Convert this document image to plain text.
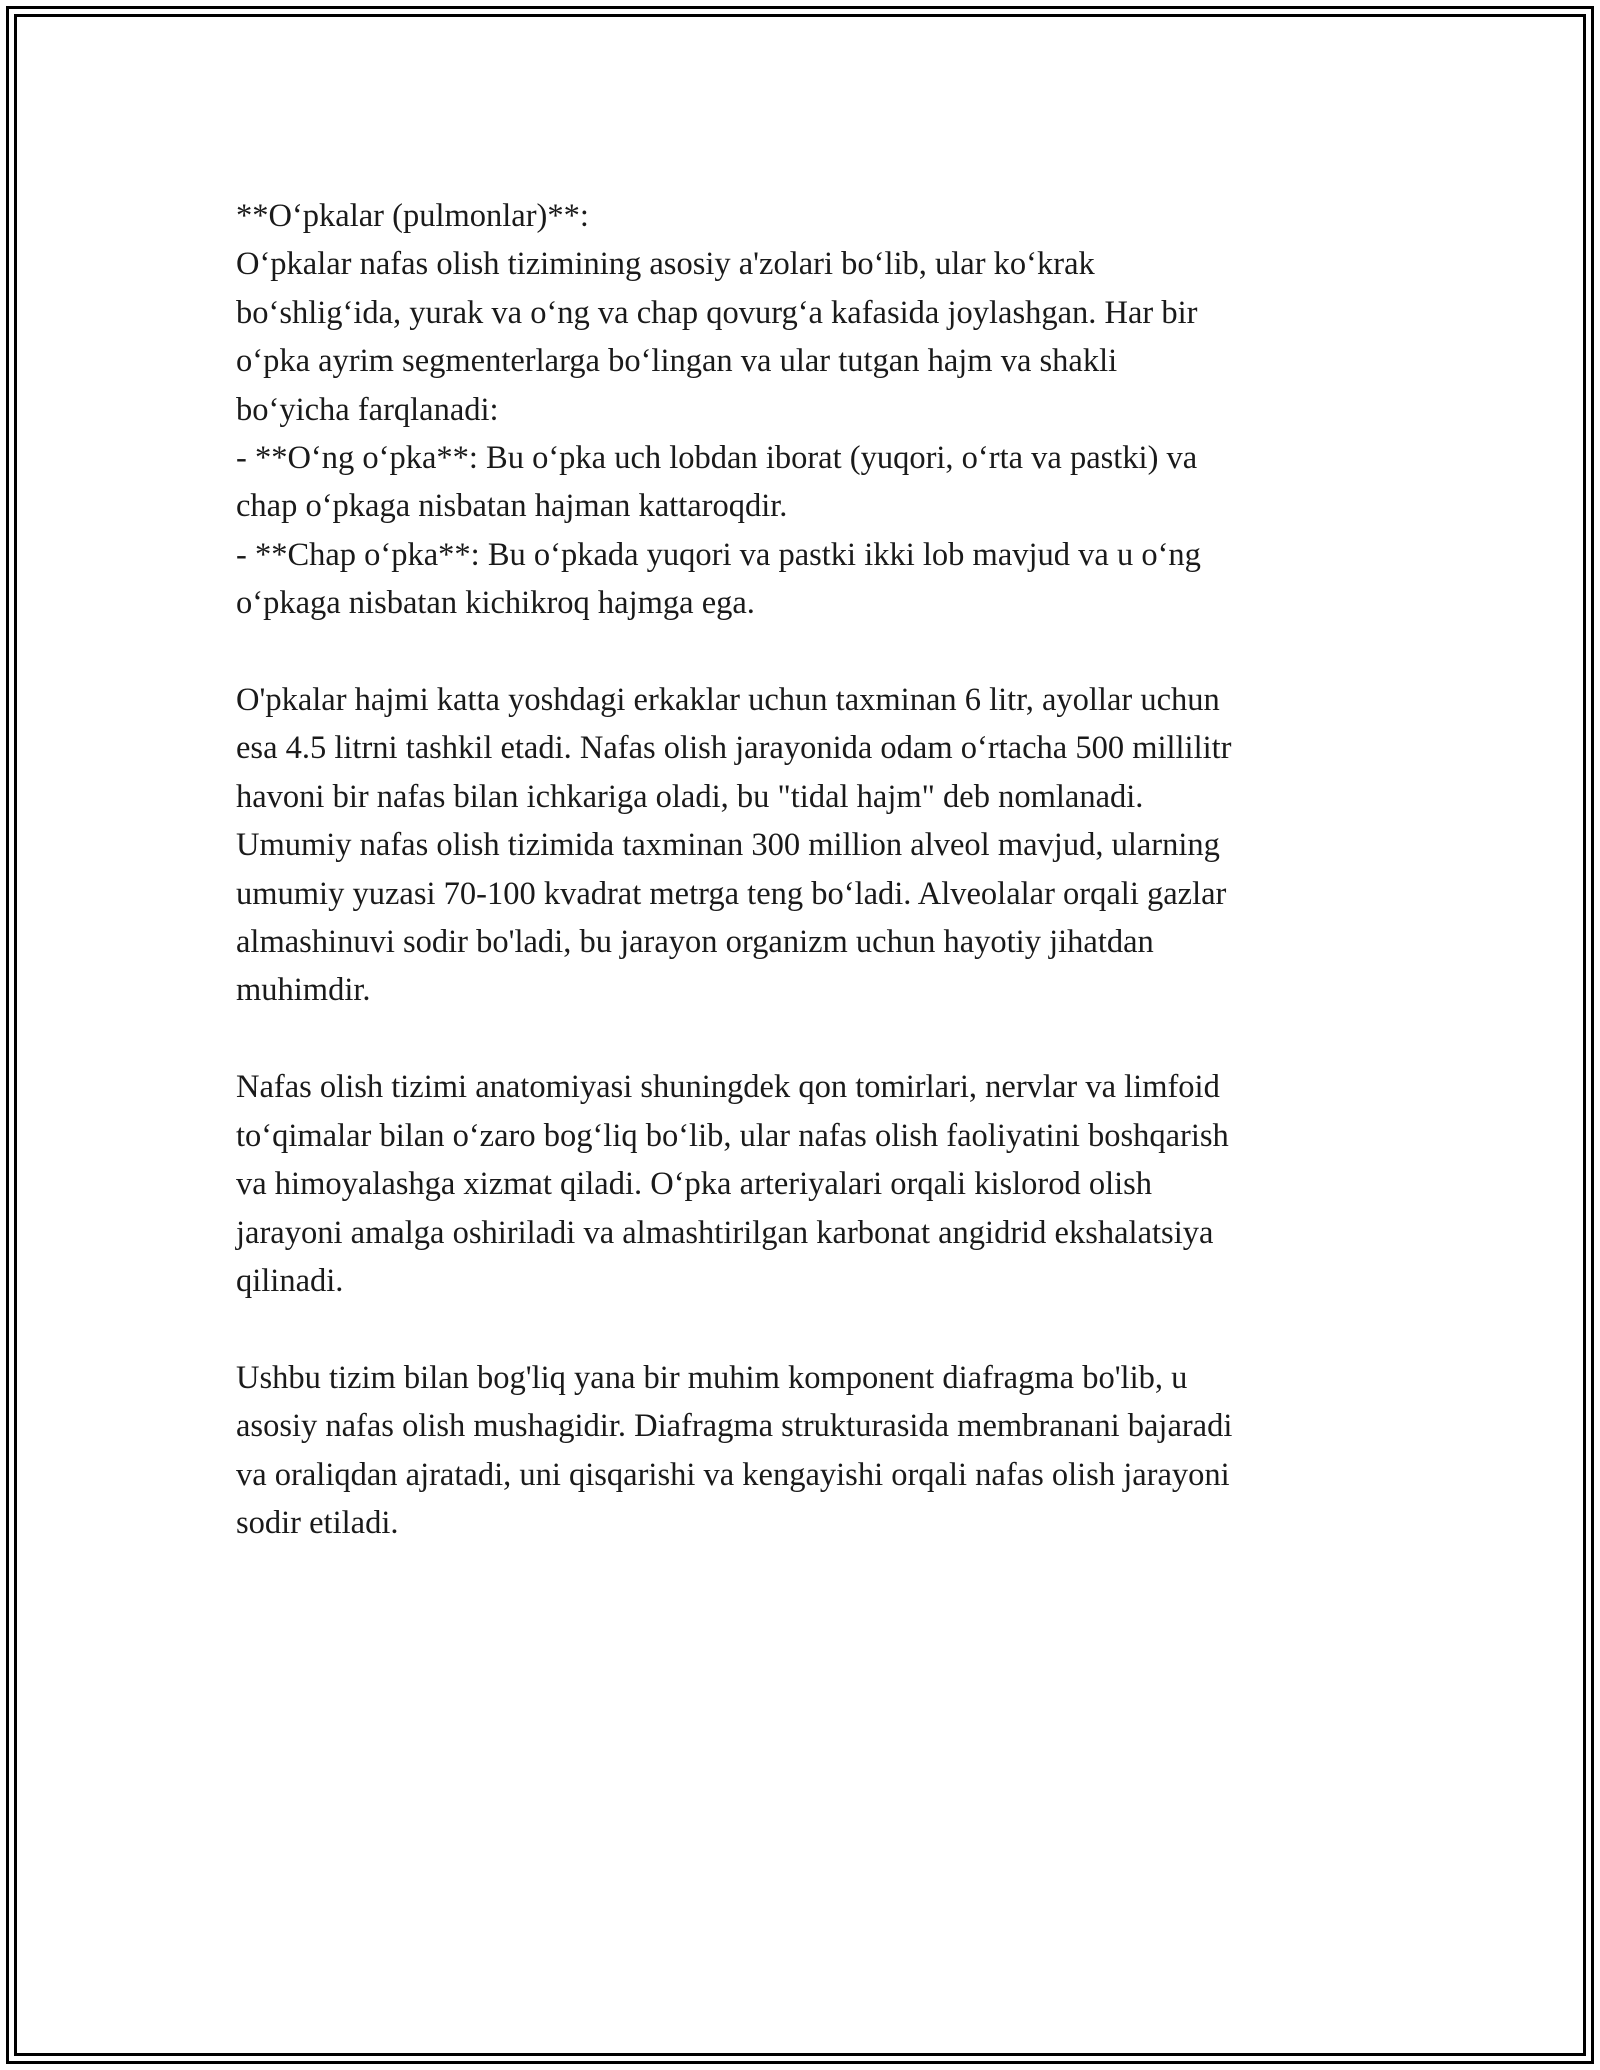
**O‘pkalar (pulmonlar)**:
O‘pkalar nafas olish tizimining asosiy a'zolari bo‘lib, ular ko‘krak
bo‘shlig‘ida, yurak va o‘ng va chap qovurg‘a kafasida joylashgan. Har bir
o‘pka ayrim segmenterlarga bo‘lingan va ular tutgan hajm va shakli
bo‘yicha farqlanadi:
- **O‘ng o‘pka**: Bu o‘pka uch lobdan iborat (yuqori, o‘rta va pastki) va
chap o‘pkaga nisbatan hajman kattaroqdir.
- **Chap o‘pka**: Bu o‘pkada yuqori va pastki ikki lob mavjud va u o‘ng
o‘pkaga nisbatan kichikroq hajmga ega.
O'pkalar hajmi katta yoshdagi erkaklar uchun taxminan 6 litr, ayollar uchun
esa 4.5 litrni tashkil etadi. Nafas olish jarayonida odam o‘rtacha 500 millilitr
havoni bir nafas bilan ichkariga oladi, bu "tidal hajm" deb nomlanadi.
Umumiy nafas olish tizimida taxminan 300 million alveol mavjud, ularning
umumiy yuzasi 70-100 kvadrat metrga teng bo‘ladi. Alveolalar orqali gazlar
almashinuvi sodir bo'ladi, bu jarayon organizm uchun hayotiy jihatdan
muhimdir.
Nafas olish tizimi anatomiyasi shuningdek qon tomirlari, nervlar va limfoid
to‘qimalar bilan o‘zaro bog‘liq bo‘lib, ular nafas olish faoliyatini boshqarish
va himoyalashga xizmat qiladi. O‘pka arteriyalari orqali kislorod olish
jarayoni amalga oshiriladi va almashtirilgan karbonat angidrid ekshalatsiya
qilinadi.
Ushbu tizim bilan bog'liq yana bir muhim komponent diafragma bo'lib, u
asosiy nafas olish mushagidir. Diafragma strukturasida membranani bajaradi
va oraliqdan ajratadi, uni qisqarishi va kengayishi orqali nafas olish jarayoni
sodir etiladi.
